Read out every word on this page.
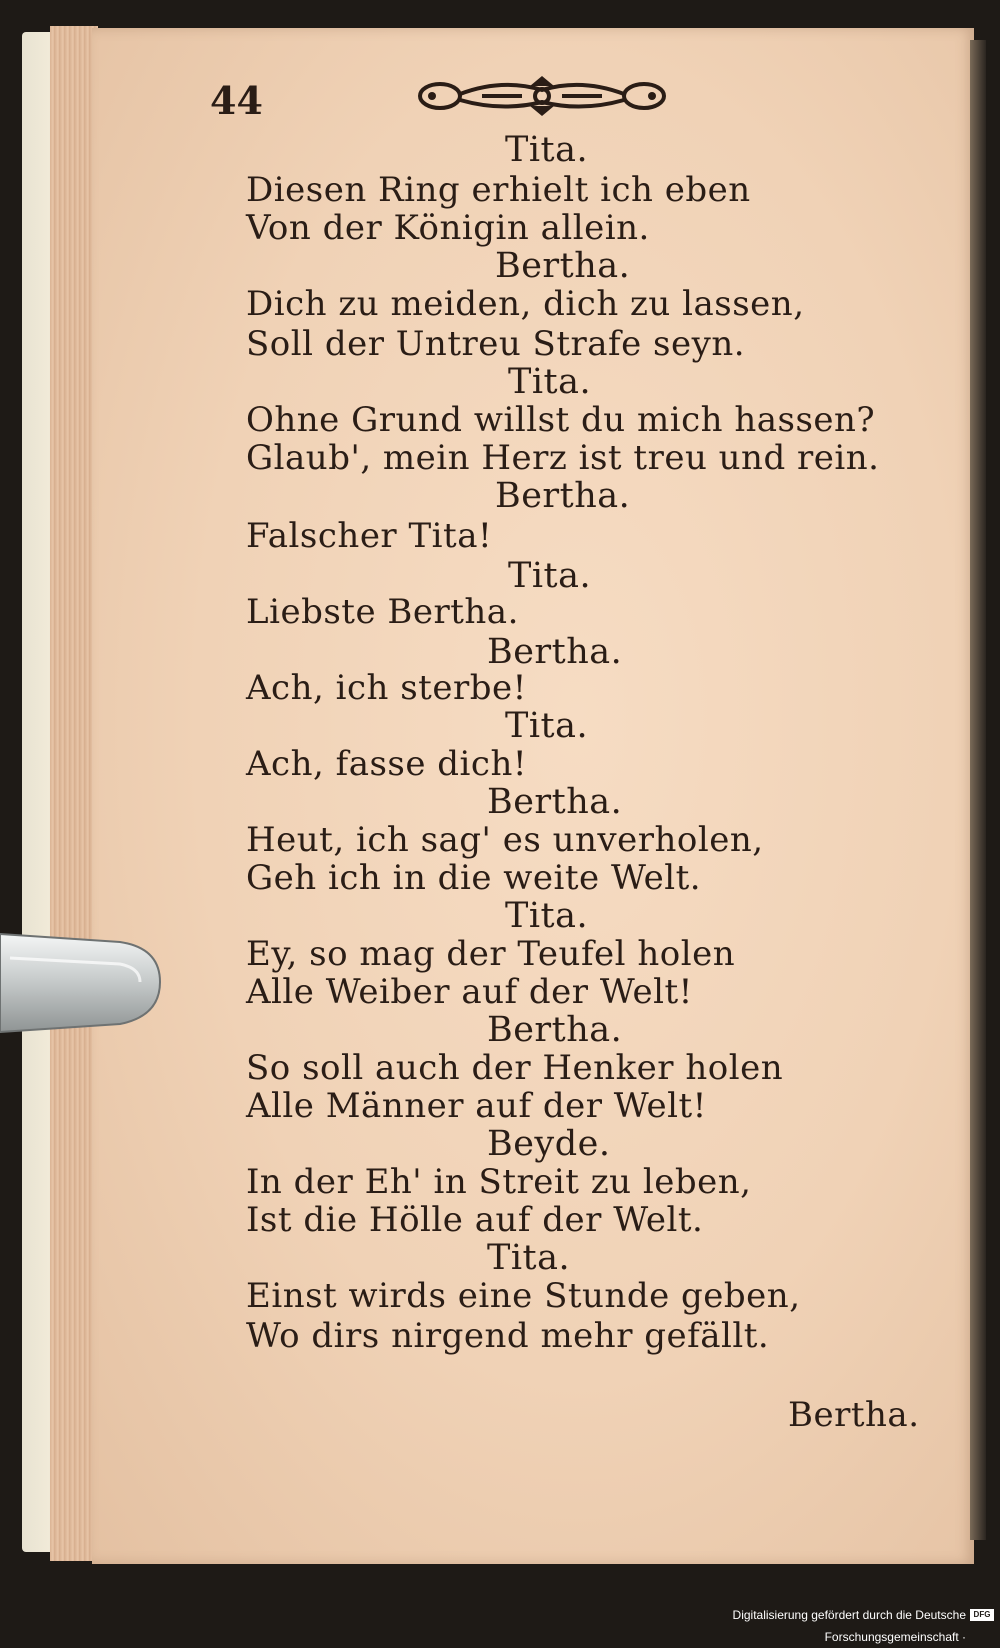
44
Tita.
Diesen Ring erhielt ich eben
Von der Königin allein.
Bertha.
Dich zu meiden, dich zu lassen,
Soll der Untreu Strafe seyn.
Tita.
Ohne Grund willst du mich hassen?
Glaub', mein Herz ist treu und rein.
Bertha.
Falscher Tita!
Tita.
Liebste Bertha.
Bertha.
Ach, ich sterbe!
Tita.
Ach, fasse dich!
Bertha.
Heut, ich sag' es unverholen,
Geh ich in die weite Welt.
Tita.
Ey, so mag der Teufel holen
Alle Weiber auf der Welt!
Bertha.
So soll auch der Henker holen
Alle Männer auf der Welt!
Beyde.
In der Eh' in Streit zu leben,
Ist die Hölle auf der Welt.
Tita.
Einst wirds eine Stunde geben,
Wo dirs nirgend mehr gefällt.
Bertha.
Digitalisierung gefördert durch die Deutsche Forschungsgemeinschaft ·
DFG
